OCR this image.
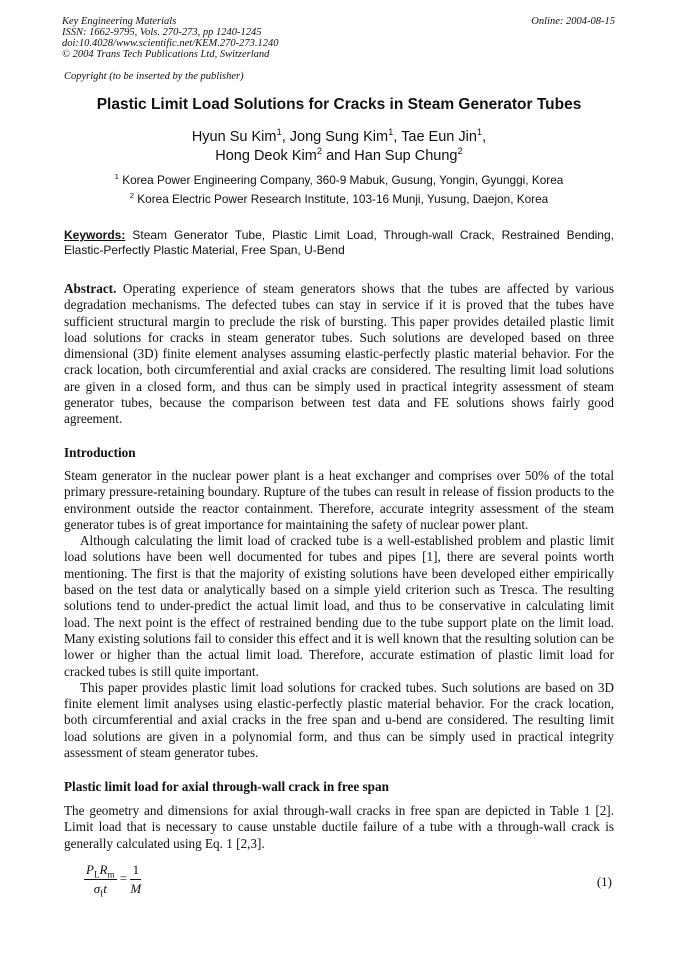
Key Engineering Materials
ISSN: 1662-9795, Vols. 270-273, pp 1240-1245
doi:10.4028/www.scientific.net/KEM.270-273.1240
© 2004 Trans Tech Publications Ltd, Switzerland
Online: 2004-08-15
Copyright (to be inserted by the publisher)
Plastic Limit Load Solutions for Cracks in Steam Generator Tubes
Hyun Su Kim$^1$, Jong Sung Kim$^1$, Tae Eun Jin$^1$,
Hong Deok Kim$^2$ and Han Sup Chung$^2$
$^1$ Korea Power Engineering Company, 360-9 Mabuk, Gusung, Yongin, Gyunggi, Korea
$^2$ Korea Electric Power Research Institute, 103-16 Munji, Yusung, Daejon, Korea
Keywords: Steam Generator Tube, Plastic Limit Load, Through-wall Crack, Restrained Bending, Elastic-Perfectly Plastic Material, Free Span, U-Bend
Abstract. Operating experience of steam generators shows that the tubes are affected by various degradation mechanisms. The defected tubes can stay in service if it is proved that the tubes have sufficient structural margin to preclude the risk of bursting. This paper provides detailed plastic limit load solutions for cracks in steam generator tubes. Such solutions are developed based on three dimensional (3D) finite element analyses assuming elastic-perfectly plastic material behavior. For the crack location, both circumferential and axial cracks are considered. The resulting limit load solutions are given in a closed form, and thus can be simply used in practical integrity assessment of steam generator tubes, because the comparison between test data and FE solutions shows fairly good agreement.
Introduction

Steam generator in the nuclear power plant is a heat exchanger and comprises over 50% of the total primary pressure-retaining boundary. Rupture of the tubes can result in release of fission products to the environment outside the reactor containment. Therefore, accurate integrity assessment of the steam generator tubes is of great importance for maintaining the safety of nuclear power plant.

Although calculating the limit load of cracked tube is a well-established problem and plastic limit load solutions have been well documented for tubes and pipes [1], there are several points worth mentioning. The first is that the majority of existing solutions have been developed either empirically based on the test data or analytically based on a simple yield criterion such as Tresca. The resulting solutions tend to under-predict the actual limit load, and thus to be conservative in calculating limit load. The next point is the effect of restrained bending due to the tube support plate on the limit load. Many existing solutions fail to consider this effect and it is well known that the resulting solution can be lower or higher than the actual limit load. Therefore, accurate estimation of plastic limit load for cracked tubes is still quite important.

This paper provides plastic limit load solutions for cracked tubes. Such solutions are based on 3D finite element limit analyses using elastic-perfectly plastic material behavior. For the crack location, both circumferential and axial cracks in the free span and u-bend are considered. The resulting limit load solutions are given in a polynomial form, and thus can be simply used in practical integrity assessment of steam generator tubes.

Plastic limit load for axial through-wall crack in free span

The geometry and dimensions for axial through-wall cracks in free span are depicted in Table 1 [2]. Limit load that is necessary to cause unstable ductile failure of a tube with a through-wall crack is generally calculated using Eq. 1 [2,3].

$\frac{P_LR_m}{\sigma_ft} = \frac{1}{M}$	(1)
